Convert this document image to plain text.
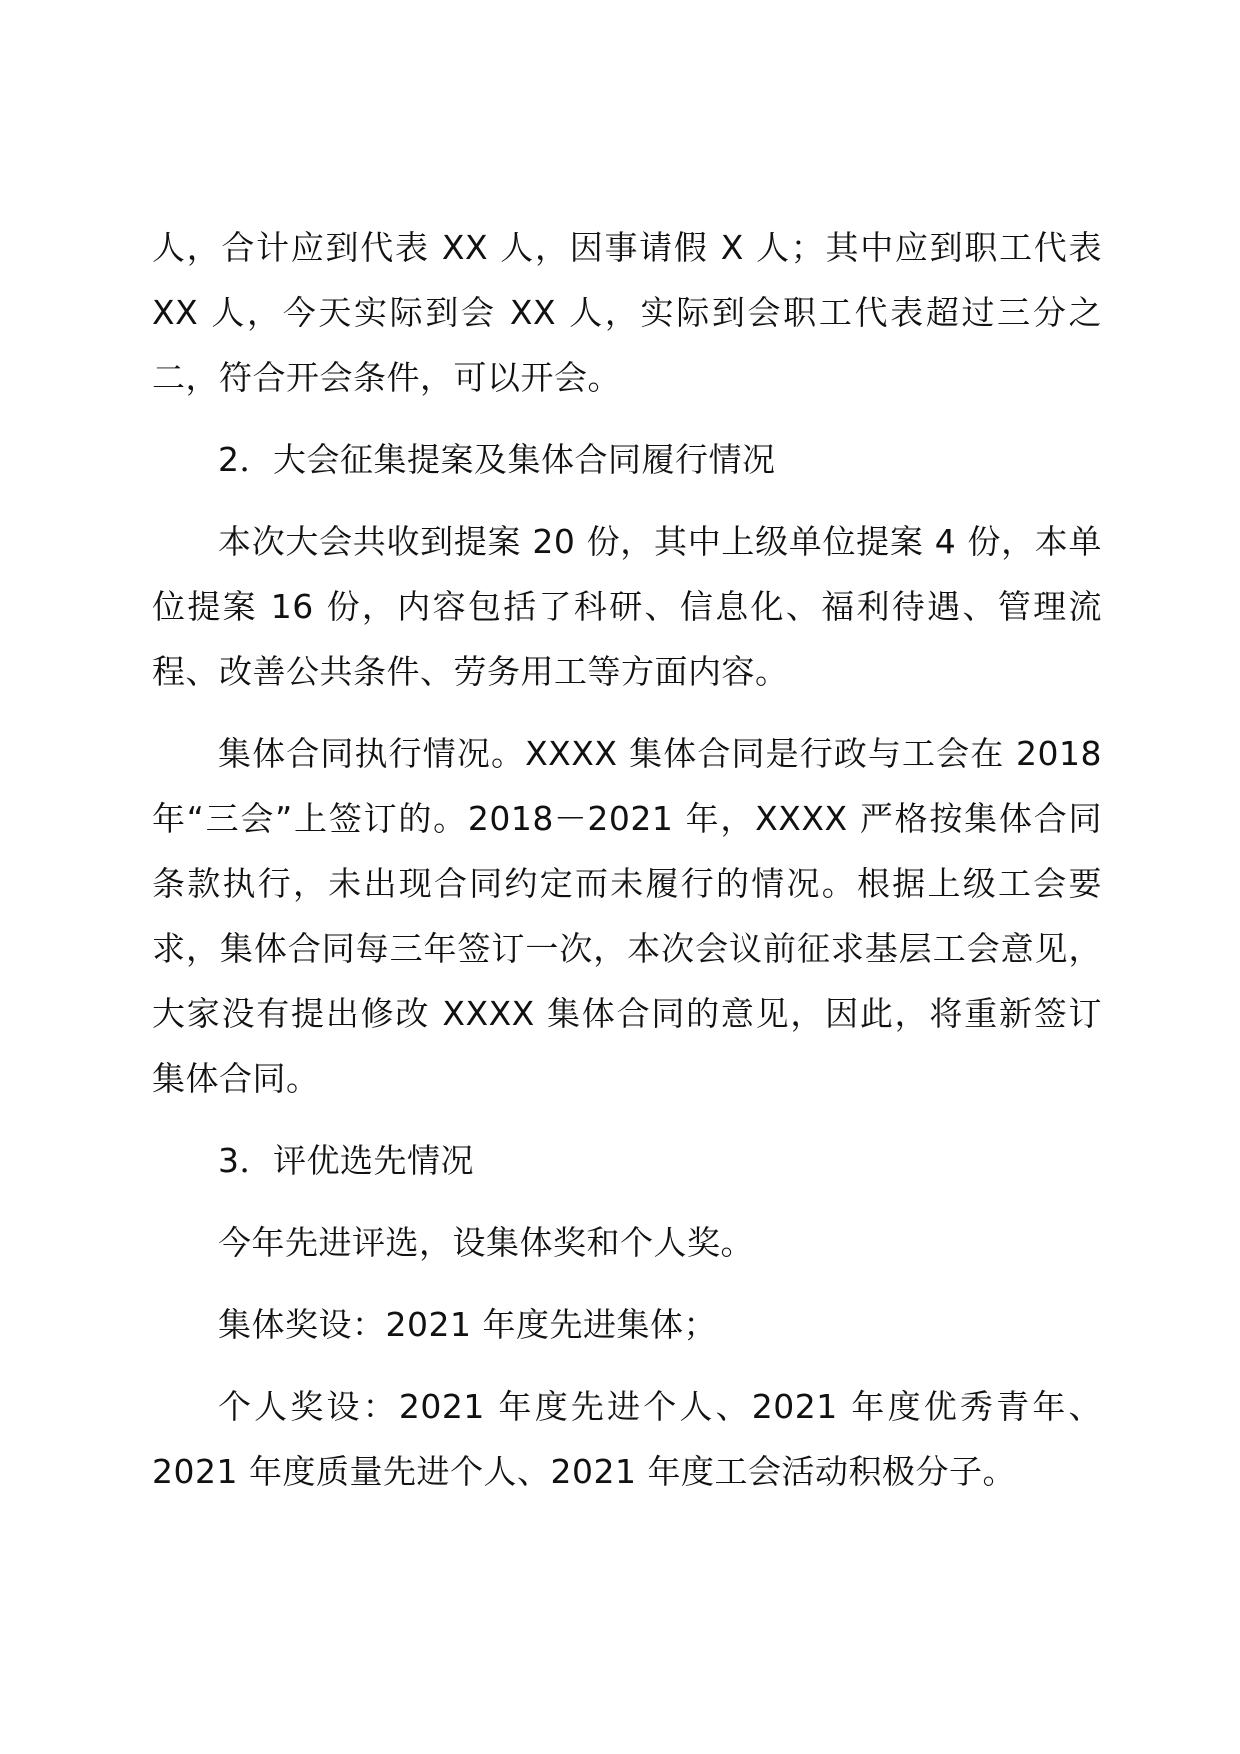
人，合计应到代表 XX 人，因事请假 X 人；其中应到职工代表 XX 人，今天实际到会 XX 人，实际到会职工代表超过三分之二，符合开会条件，可以开会。

2．大会征集提案及集体合同履行情况

本次大会共收到提案 20 份，其中上级单位提案 4 份，本单位提案 16 份，内容包括了科研、信息化、福利待遇、管理流程、改善公共条件、劳务用工等方面内容。

集体合同执行情况。XXXX 集体合同是行政与工会在 2018 年“三会”上签订的。2018－2021 年，XXXX 严格按集体合同条款执行，未出现合同约定而未履行的情况。根据上级工会要求，集体合同每三年签订一次，本次会议前征求基层工会意见，大家没有提出修改 XXXX 集体合同的意见，因此，将重新签订集体合同。

3．评优选先情况

今年先进评选，设集体奖和个人奖。

集体奖设：2021 年度先进集体；

个人奖设：2021 年度先进个人、2021 年度优秀青年、2021 年度质量先进个人、2021 年度工会活动积极分子。
